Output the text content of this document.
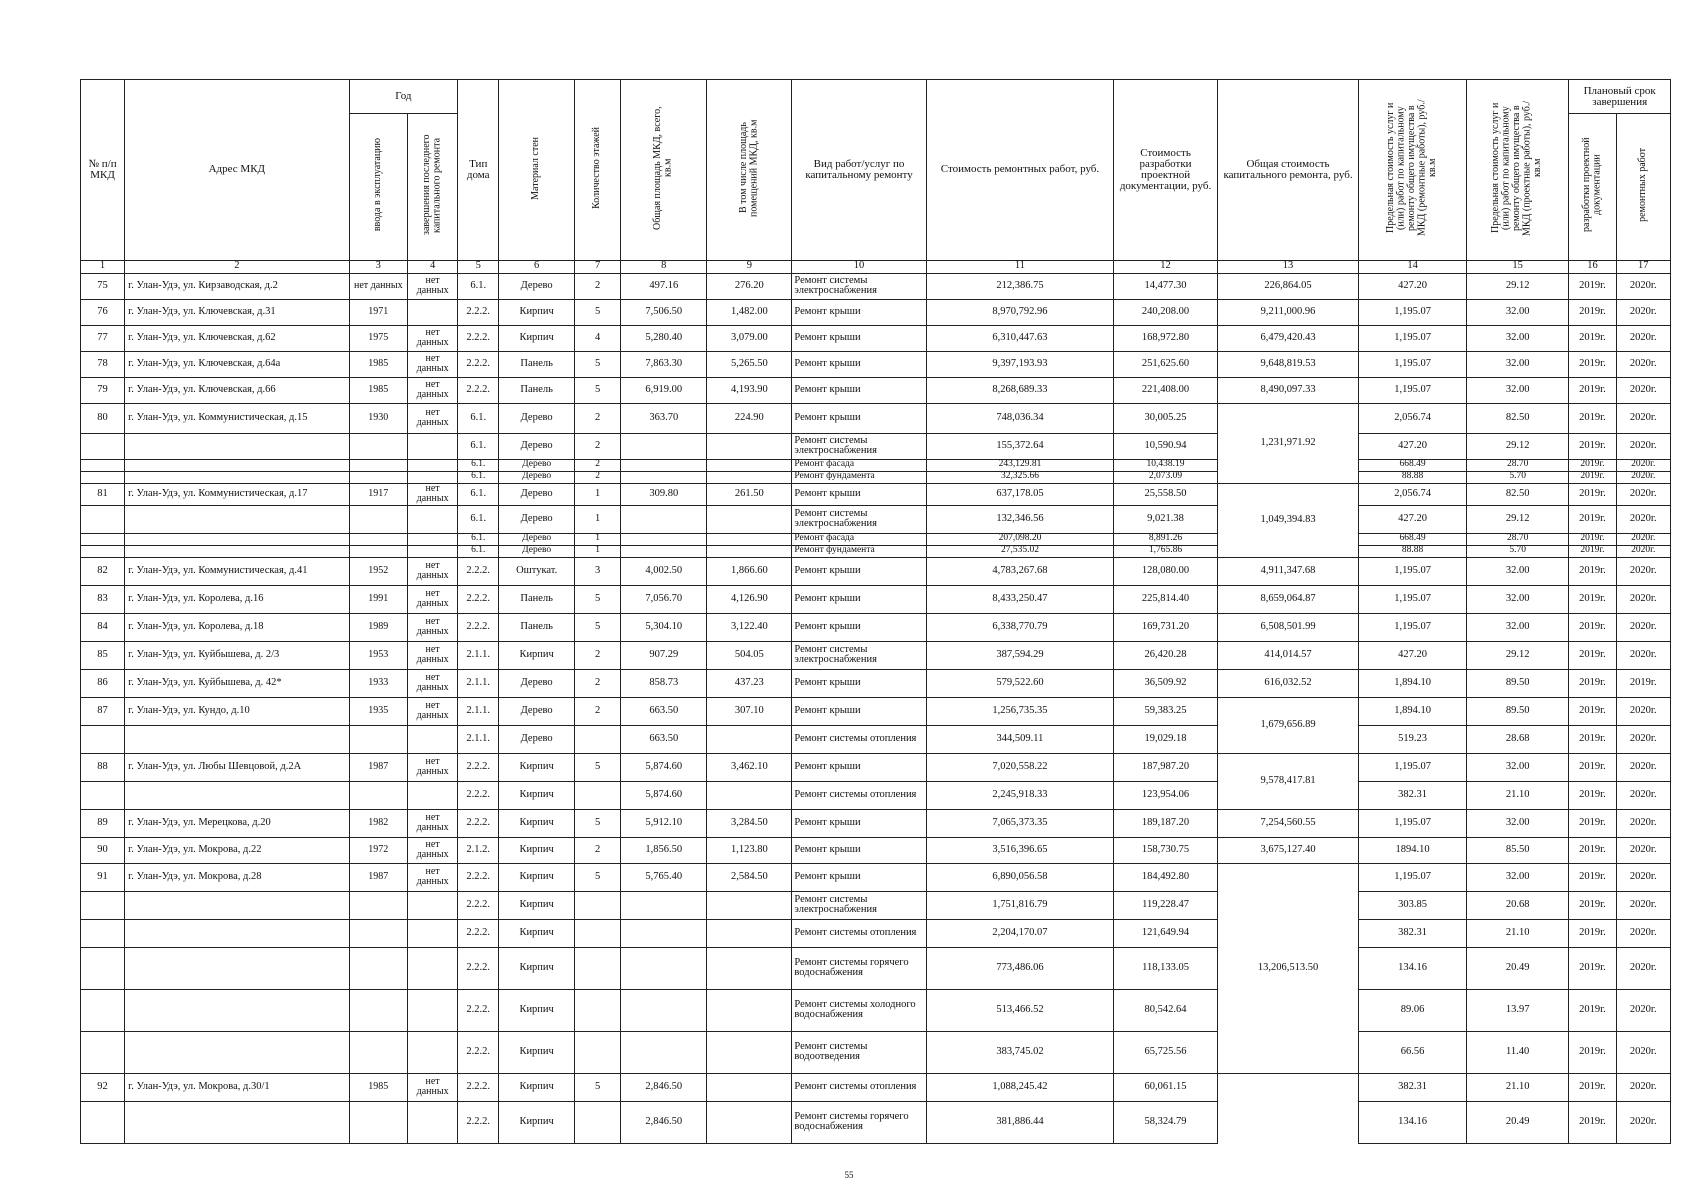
№ п/п МКД	Адрес МКД	Год		Тип дома	Материал стен	Количество этажей	Общая площадь МКД, всего, кв.м	В том числе площадь помещений МКД, кв.м	Вид работ/услуг по капитальному ремонту	Стоимость ремонтных работ, руб.	Стоимость разработки проектной документации, руб.	Общая стоимость капитального ремонта, руб.	Предельная стоимость услуг и (или) работ по капитальному ремонту общего имущества в МКД (ремонтные работы), руб./кв.м	Предельная стоимость услуг и (или) работ по капитальному ремонту общего имущества в МКД (проектные работы), руб./кв.м	Плановый срок завершения	
		ввода в эксплуатацию	завершения последнего капитального ремонта												разработки проектной документации	ремонтных работ
1	2	3	4	5	6	7	8	9	10	11	12	13	14	15	16	17
75	г. Улан-Удэ, ул. Кирзаводская, д.2	нет данных	нет данных	6.1.	Дерево	2	497.16	276.20	Ремонт системы электроснабжения	212,386.75	14,477.30	226,864.05	427.20	29.12	2019г.	2020г.
76	г. Улан-Удэ, ул. Ключевская, д.31	1971		2.2.2.	Кирпич	5	7,506.50	1,482.00	Ремонт крыши	8,970,792.96	240,208.00	9,211,000.96	1,195.07	32.00	2019г.	2020г.
77	г. Улан-Удэ, ул. Ключевская, д.62	1975	нет данных	2.2.2.	Кирпич	4	5,280.40	3,079.00	Ремонт крыши	6,310,447.63	168,972.80	6,479,420.43	1,195.07	32.00	2019г.	2020г.
78	г. Улан-Удэ, ул. Ключевская, д.64а	1985	нет данных	2.2.2.	Панель	5	7,863.30	5,265.50	Ремонт крыши	9,397,193.93	251,625.60	9,648,819.53	1,195.07	32.00	2019г.	2020г.
79	г. Улан-Удэ, ул. Ключевская, д.66	1985	нет данных	2.2.2.	Панель	5	6,919.00	4,193.90	Ремонт крыши	8,268,689.33	221,408.00	8,490,097.33	1,195.07	32.00	2019г.	2020г.
80	г. Улан-Удэ, ул. Коммунистическая, д.15	1930	нет данных	6.1.	Дерево	2	363.70	224.90	Ремонт крыши	748,036.34	30,005.25	1,231,971.92	2,056.74	82.50	2019г.	2020г.
				6.1.	Дерево	2			Ремонт системы электроснабжения	155,372.64	10,590.94		427.20	29.12	2019г.	2020г.
				6.1.	Дерево	2			Ремонт фасада	243,129.81	10,438.19		668.49	28.70	2019г.	2020г.
				6.1.	Дерево	2			Ремонт фундамента	32,325.66	2,073.09		88.88	5.70	2019г.	2020г.
81	г. Улан-Удэ, ул. Коммунистическая, д.17	1917	нет данных	6.1.	Дерево	1	309.80	261.50	Ремонт крыши	637,178.05	25,558.50	1,049,394.83	2,056.74	82.50	2019г.	2020г.
				6.1.	Дерево	1			Ремонт системы электроснабжения	132,346.56	9,021.38		427.20	29.12	2019г.	2020г.
				6.1.	Дерево	1			Ремонт фасада	207,098.20	8,891.26		668.49	28.70	2019г.	2020г.
				6.1.	Дерево	1			Ремонт фундамента	27,535.02	1,765.86		88.88	5.70	2019г.	2020г.
82	г. Улан-Удэ, ул. Коммунистическая, д.41	1952	нет данных	2.2.2.	Оштукат.	3	4,002.50	1,866.60	Ремонт крыши	4,783,267.68	128,080.00	4,911,347.68	1,195.07	32.00	2019г.	2020г.
83	г. Улан-Удэ, ул. Королева, д.16	1991	нет данных	2.2.2.	Панель	5	7,056.70	4,126.90	Ремонт крыши	8,433,250.47	225,814.40	8,659,064.87	1,195.07	32.00	2019г.	2020г.
84	г. Улан-Удэ, ул. Королева, д.18	1989	нет данных	2.2.2.	Панель	5	5,304.10	3,122.40	Ремонт крыши	6,338,770.79	169,731.20	6,508,501.99	1,195.07	32.00	2019г.	2020г.
85	г. Улан-Удэ, ул. Куйбышева, д. 2/3	1953	нет данных	2.1.1.	Кирпич	2	907.29	504.05	Ремонт системы электроснабжения	387,594.29	26,420.28	414,014.57	427.20	29.12	2019г.	2020г.
86	г. Улан-Удэ, ул. Куйбышева, д. 42*	1933	нет данных	2.1.1.	Дерево	2	858.73	437.23	Ремонт крыши	579,522.60	36,509.92	616,032.52	1,894.10	89.50	2019г.	2019г.
87	г. Улан-Удэ, ул. Кундо, д.10	1935	нет данных	2.1.1.	Дерево	2	663.50	307.10	Ремонт крыши	1,256,735.35	59,383.25	1,679,656.89	1,894.10	89.50	2019г.	2020г.
				2.1.1.	Дерево		663.50		Ремонт системы отопления	344,509.11	19,029.18		519.23	28.68	2019г.	2020г.
88	г. Улан-Удэ, ул. Любы Шевцовой, д.2А	1987	нет данных	2.2.2.	Кирпич	5	5,874.60	3,462.10	Ремонт крыши	7,020,558.22	187,987.20	9,578,417.81	1,195.07	32.00	2019г.	2020г.
				2.2.2.	Кирпич		5,874.60		Ремонт системы отопления	2,245,918.33	123,954.06		382.31	21.10	2019г.	2020г.
89	г. Улан-Удэ, ул. Мерецкова, д.20	1982	нет данных	2.2.2.	Кирпич	5	5,912.10	3,284.50	Ремонт крыши	7,065,373.35	189,187.20	7,254,560.55	1,195.07	32.00	2019г.	2020г.
90	г. Улан-Удэ, ул. Мокрова, д.22	1972	нет данных	2.1.2.	Кирпич	2	1,856.50	1,123.80	Ремонт крыши	3,516,396.65	158,730.75	3,675,127.40	1894.10	85.50	2019г.	2020г.
91	г. Улан-Удэ, ул. Мокрова, д.28	1987	нет данных	2.2.2.	Кирпич	5	5,765.40	2,584.50	Ремонт крыши	6,890,056.58	184,492.80	13,206,513.50	1,195.07	32.00	2019г.	2020г.
				2.2.2.	Кирпич				Ремонт системы электроснабжения	1,751,816.79	119,228.47		303.85	20.68	2019г.	2020г.
				2.2.2.	Кирпич				Ремонт системы отопления	2,204,170.07	121,649.94		382.31	21.10	2019г.	2020г.
				2.2.2.	Кирпич				Ремонт системы горячего водоснабжения	773,486.06	118,133.05		134.16	20.49	2019г.	2020г.
				2.2.2.	Кирпич				Ремонт системы холодного водоснабжения	513,466.52	80,542.64		89.06	13.97	2019г.	2020г.
				2.2.2.	Кирпич				Ремонт системы водоотведения	383,745.02	65,725.56		66.56	11.40	2019г.	2020г.
92	г. Улан-Удэ, ул. Мокрова, д.30/1	1985	нет данных	2.2.2.	Кирпич	5	2,846.50		Ремонт системы отопления	1,088,245.42	60,061.15		382.31	21.10	2019г.	2020г.
				2.2.2.	Кирпич		2,846.50		Ремонт системы горячего водоснабжения	381,886.44	58,324.79		134.16	20.49	2019г.	2020г.
55
